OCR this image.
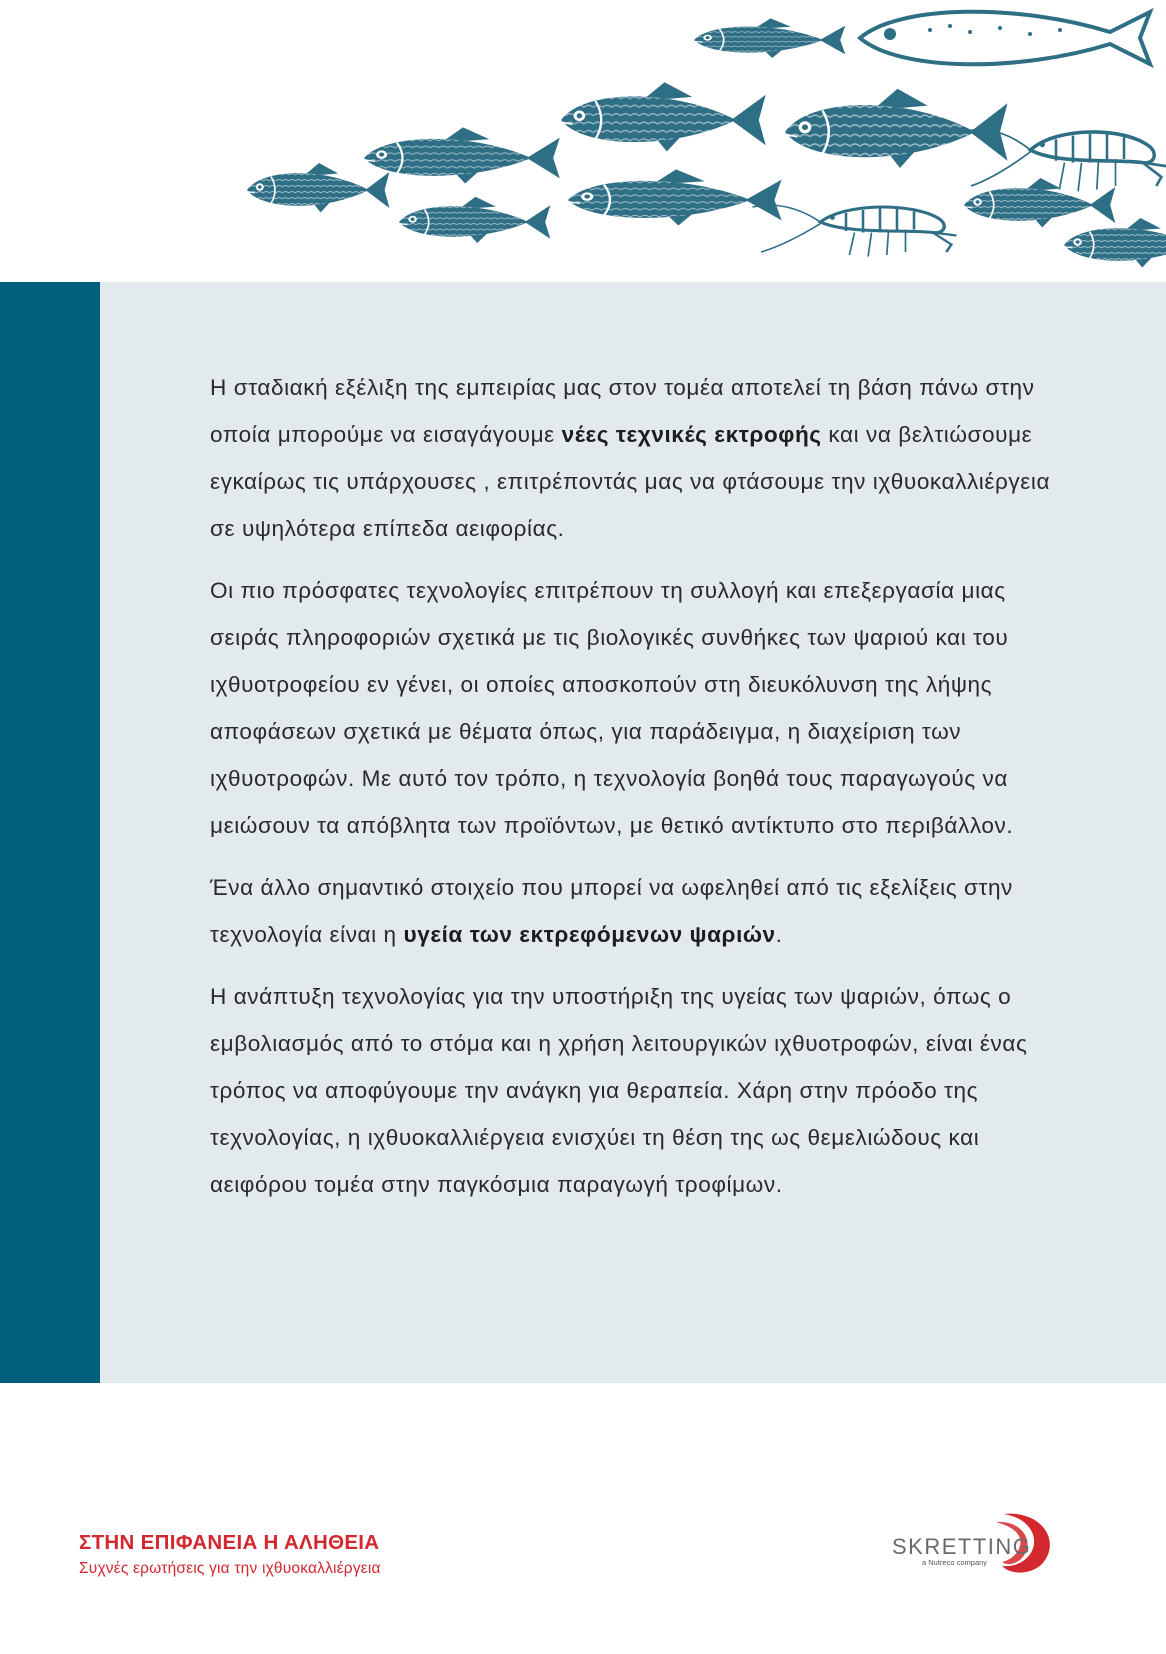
Η σταδιακή εξέλιξη της εμπειρίας μας στον τομέα αποτελεί τη βάση πάνω στην οποία μπορούμε να εισαγάγουμε νέες τεχνικές εκτροφής και να βελτιώσουμε εγκαίρως τις υπάρχουσες , επιτρέποντάς μας να φτάσουμε την ιχθυοκαλλιέργεια σε υψηλότερα επίπεδα αειφορίας.

Οι πιο πρόσφατες τεχνολογίες επιτρέπουν τη συλλογή και επεξεργασία μιας σειράς πληροφοριών σχετικά με τις βιολογικές συνθήκες των ψαριού και του ιχθυοτροφείου εν γένει, οι οποίες αποσκοπούν στη διευκόλυνση της λήψης αποφάσεων σχετικά με θέματα όπως, για παράδειγμα, η διαχείριση των ιχθυοτροφών. Με αυτό τον τρόπο, η τεχνολογία βοηθά τους παραγωγούς να μειώσουν τα απόβλητα των προϊόντων, με θετικό αντίκτυπο στο περιβάλλον.

Ένα άλλο σημαντικό στοιχείο που μπορεί να ωφεληθεί από τις εξελίξεις στην τεχνολογία είναι η υγεία των εκτρεφόμενων ψαριών.

Η ανάπτυξη τεχνολογίας για την υποστήριξη της υγείας των ψαριών, όπως ο εμβολιασμός από το στόμα και η χρήση λειτουργικών ιχθυοτροφών, είναι ένας τρόπος να αποφύγουμε την ανάγκη για θεραπεία. Χάρη στην πρόοδο της τεχνολογίας, η ιχθυοκαλλιέργεια ενισχύει τη θέση της ως θεμελιώδους και αειφόρου τομέα στην παγκόσμια παραγωγή τροφίμων.

ΣΤΗΝ ΕΠΙΦΑΝΕΙΑ Η ΑΛΗΘΕΙΑ

Συχνές ερωτήσεις για την ιχθυοκαλλιέργεια

SKRETTING
a Nutreco company
